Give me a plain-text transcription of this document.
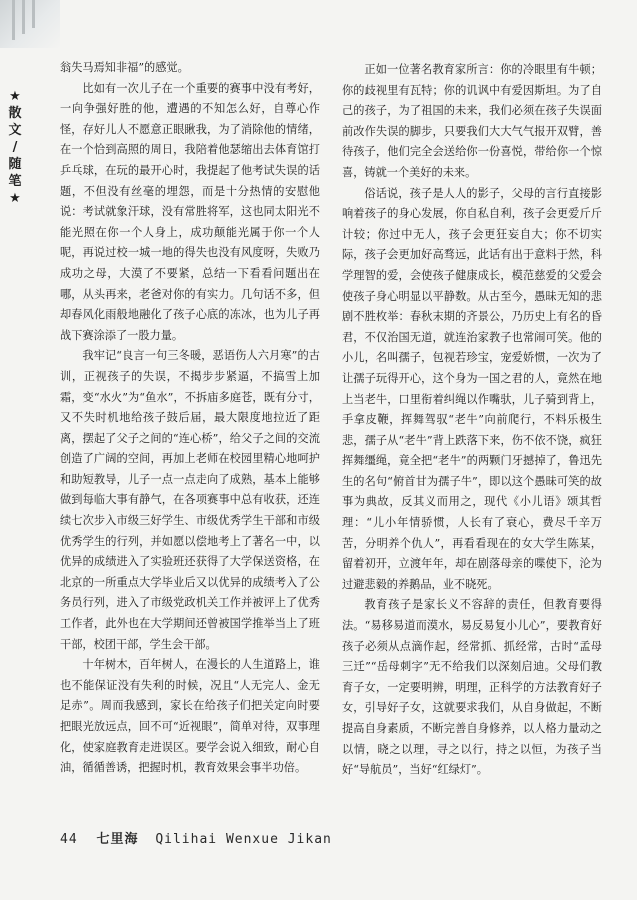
★
散
文
/
随
笔
★

翁失马焉知非福”的感觉。

比如有一次儿子在一个重要的赛事中没有考好，一向争强好胜的他，遭遇的不知怎么好，自尊心作怪，存好儿人不愿意正眼瞅我，为了消除他的情绪，在一个恰到高照的周日，我陪着他瑟缩出去体育馆打乒乓球，在玩的最开心时，我提起了他考试失误的话题，不但没有丝毫的埋怨，而是十分热情的安慰他说：考试就象汗球，没有常胜将军，这也同太阳光不能光照在你一个人身上，成功颠能光属于你一个人呢，再说过校一城一地的得失也没有风度呀，失败乃成功之母，大漠了不要紧，总结一下看看问题出在哪，从头再来，老爸对你的有实力。几句话不多，但却春风化雨般地融化了孩子心底的冻冰，也为儿子再战下赛涂添了一股力量。

我牢记“良言一句三冬暖，恶语伤人六月寒”的古训，正视孩子的失误，不揭步步紧逼，不搞雪上加霜，变“水火”为“鱼水”，不拆庙多庭苍，既有分寸，又不失时机地给孩子鼓后届，最大限度地拉近了距离，摆起了父子之间的“连心桥”，给父子之间的交流创造了广阔的空间，再加上老师在校园里精心地呵护和助短教导，儿子一点一点走向了成熟，基本上能够做到每临大事有静气，在各项赛事中总有收获，还连续七次步入市级三好学生、市级优秀学生干部和市级优秀学生的行列，并如愿以偿地考上了著名一中，以优异的成绩进入了实验班还获得了大学保送资格，在北京的一所重点大学毕业后又以优异的成绩考入了公务员行列，进入了市级党政机关工作并被评上了优秀工作者，此外也在大学期间还曾被国学推举当上了班干部，校团干部，学生会干部。

十年树木，百年树人，在漫长的人生道路上，谁也不能保证没有失利的时候，况且“人无完人、金无足赤”。周而我感到，家长在给孩子们把关定向时要把眼光放远点，回不可“近视眼”，简单对待，双事理化，使家庭教育走进误区。要学会说入细致，耐心自油，循循善诱，把握时机，教育效果会事半功倍。

正如一位著名教育家所言：你的冷眼里有牛顿；你的歧视里有瓦特；你的讥讽中有爱因斯坦。为了自己的孩子，为了祖国的未来，我们必须在孩子失误面前改作失误的脚步，只要我们大大气气报开双臂，善待孩子，他们完全会送给你一份喜悦，带给你一个惊喜，铸就一个美好的未来。

俗话说，孩子是人人的影子，父母的言行直接影响着孩子的身心发展，你自私自利，孩子会更爱斤斤计较；你过中无人，孩子会更狂妄自大；你不切实际，孩子会更加好高骛远，此话有出于意料于然，科学理智的爱，会使孩子健康成长，模范慈爱的父爱会使孩子身心明显以平静数。从古至今，愚昧无知的悲剧不胜枚举：春秋末期的齐景公，乃历史上有名的昏君，不仅治国无道，就连治家教子也常闹可笑。他的小儿，名叫孺子，包视若珍宝，宠爱娇惯，一次为了让孺子玩得开心，这个身为一国之君的人，竟然在地上当老牛，口里衔着纠绳以作嘴驮，儿子骑到背上，手拿皮鞭，挥舞驾驭“老牛”向前爬行，不料乐极生悲，孺子从“老牛”背上跌落下来，伤不依不饶，疯狂挥舞缰绳，竟全把“老牛”的两颗门牙撼掉了，鲁迅先生的名句“俯首甘为孺子牛”，即以这个愚昧可笑的故事为典故，反其义而用之，现代《小儿语》颂其哲理：“儿小年情骄惯，人长有了衰心，费尽千辛万苦，分明养个仇人”，再看看现在的女大学生陈某，留着初开，立渡年年，却在剧落母亲的喋使下，沦为过避悲毅的养鹅品，业不晓死。

教育孩子是家长义不容辞的责任，但教育要得法。“易移易道而漠水，易反易复小儿心”，要教育好孩子必须从点滴作起，经常抓、抓经常，古时“孟母三迁”“岳母刺字”无不给我们以深刻启迪。父母们教育子女，一定要明辨，明理，正科学的方法教育好子女，引导好子女，这就要求我们，从自身做起，不断提高自身素质，不断完善自身修养，以人格力量动之以情，晓之以理，寻之以行，持之以恒，为孩子当好“导航员”，当好“红绿灯”。

44 七里海 Qilihai Wenxue Jikan
